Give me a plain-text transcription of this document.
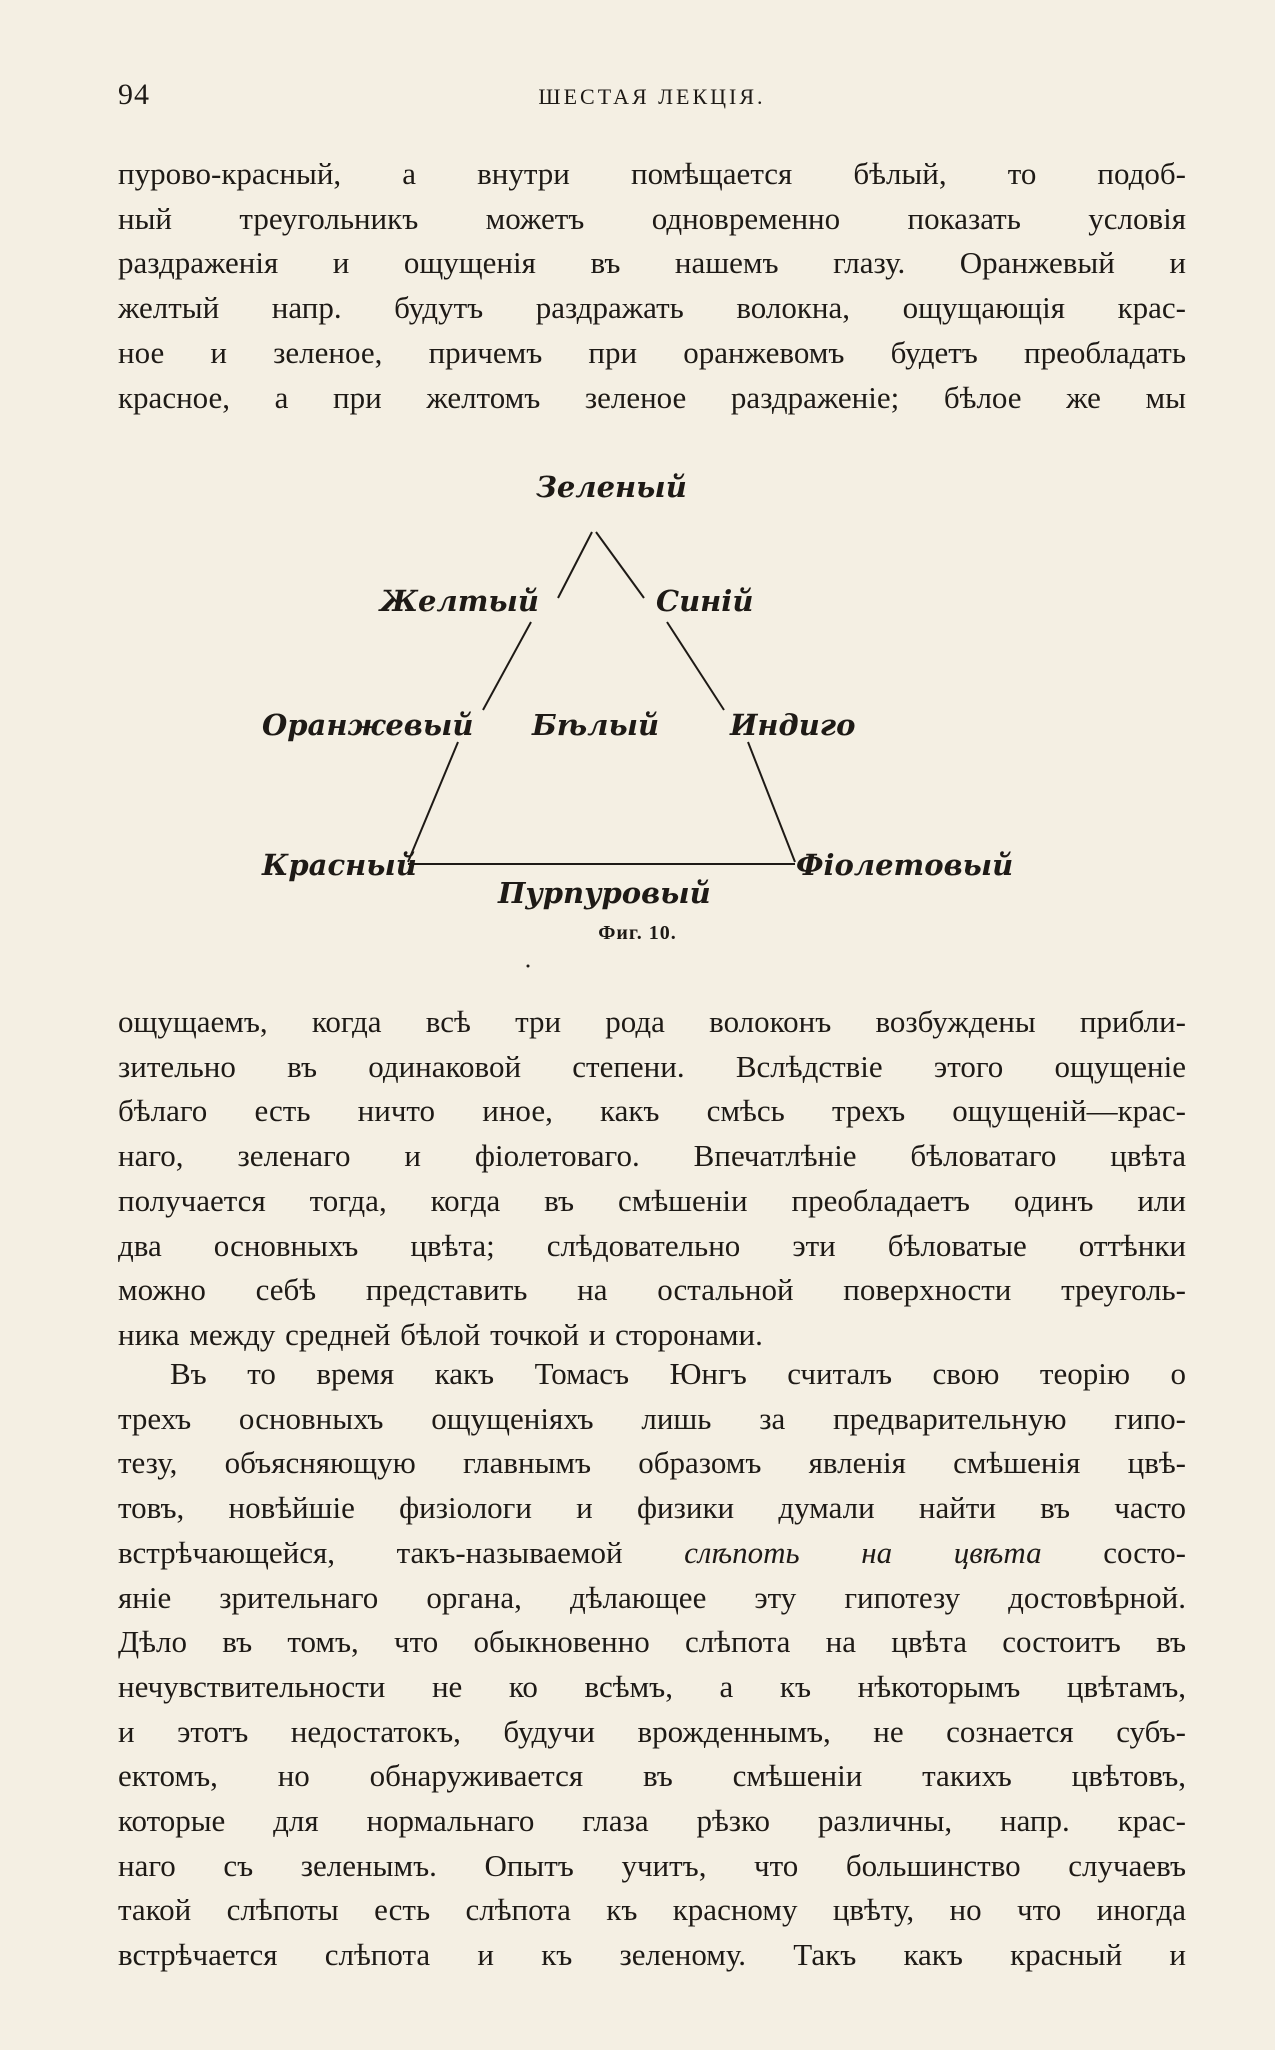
94	ШЕСТАЯ ЛЕКЦІЯ.

пурово-красный, а внутри помѣщается бѣлый, то подоб-
ный треугольникъ можетъ одновременно показать условія
раздраженія и ощущенія въ нашемъ глазу. Оранжевый и
желтый напр. будутъ раздражать волокна, ощущающія крас-
ное и зеленое, причемъ при оранжевомъ будетъ преобладать
красное, а при желтомъ зеленое раздраженіе; бѣлое же мы

Зеленый
Желтый	Синій
Оранжевый Бѣлый Индиго
Красный
Пурпуровый
Фіолетовый
Фиг. 10.

ощущаемъ, когда всѣ три рода волоконъ возбуждены прибли-
зительно въ одинаковой степени. Вслѣдствіе этого ощущеніе
бѣлаго есть ничто иное, какъ смѣсь трехъ ощущеній—крас-
наго, зеленаго и фіолетоваго. Впечатлѣніе бѣловатаго цвѣта
получается тогда, когда въ смѣшеніи преобладаетъ одинъ или
два основныхъ цвѣта; слѣдовательно эти бѣловатые оттѣнки
можно себѣ представить на остальной поверхности треуголь-
ника между средней бѣлой точкой и сторонами.

Въ то время какъ Томасъ Юнгъ считалъ свою теорію о
трехъ основныхъ ощущеніяхъ лишь за предварительную гипо-
тезу, объясняющую главнымъ образомъ явленія смѣшенія цвѣ-
товъ, новѣйшіе физіологи и физики думали найти въ часто
встрѣчающейся, такъ-называемой слѣпоть на цвѣта состо-
яніе зрительнаго органа, дѣлающее эту гипотезу достовѣрной.
Дѣло въ томъ, что обыкновенно слѣпота на цвѣта состоитъ въ
нечувствительности не ко всѣмъ, а къ нѣкоторымъ цвѣтамъ,
и этотъ недостатокъ, будучи врожденнымъ, не сознается субъ-
ектомъ, но обнаруживается въ смѣшеніи такихъ цвѣтовъ,
которые для нормальнаго глаза рѣзко различны, напр. крас-
наго съ зеленымъ. Опытъ учитъ, что большинство случаевъ
такой слѣпоты есть слѣпота къ красному цвѣту, но что иногда
встрѣчается слѣпота и къ зеленому. Такъ какъ красный и
